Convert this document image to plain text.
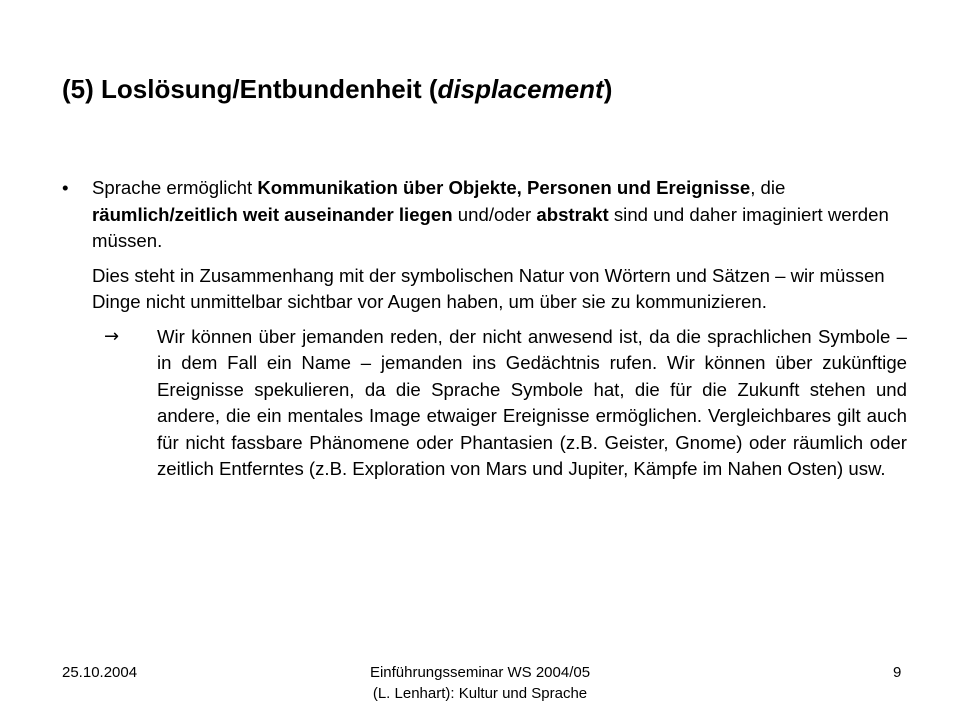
(5) Loslösung/Entbundenheit (displacement)
•	Sprache ermöglicht Kommunikation über Objekte, Personen und Ereignisse, die räumlich/zeitlich weit auseinander liegen und/oder abstrakt sind und daher imaginiert werden müssen.

Dies steht in Zusammenhang mit der symbolischen Natur von Wörtern und Sätzen – wir müssen Dinge nicht unmittelbar sichtbar vor Augen haben, um über sie zu kommunizieren.

→	Wir können über jemanden reden, der nicht anwesend ist, da die sprachlichen Symbole – in dem Fall ein Name – jemanden ins Gedächtnis rufen. Wir können über zukünftige Ereignisse spekulieren, da die Sprache Symbole hat, die für die Zukunft stehen und andere, die ein mentales Image etwaiger Ereignisse ermöglichen. Vergleichbares gilt auch für nicht fassbare Phänomene oder Phantasien (z.B. Geister, Gnome) oder räumlich oder zeitlich Entferntes (z.B. Exploration von Mars und Jupiter, Kämpfe im Nahen Osten) usw.
25.10.2004	Einführungsseminar WS 2004/05
(L. Lenhart): Kultur und Sprache
9
